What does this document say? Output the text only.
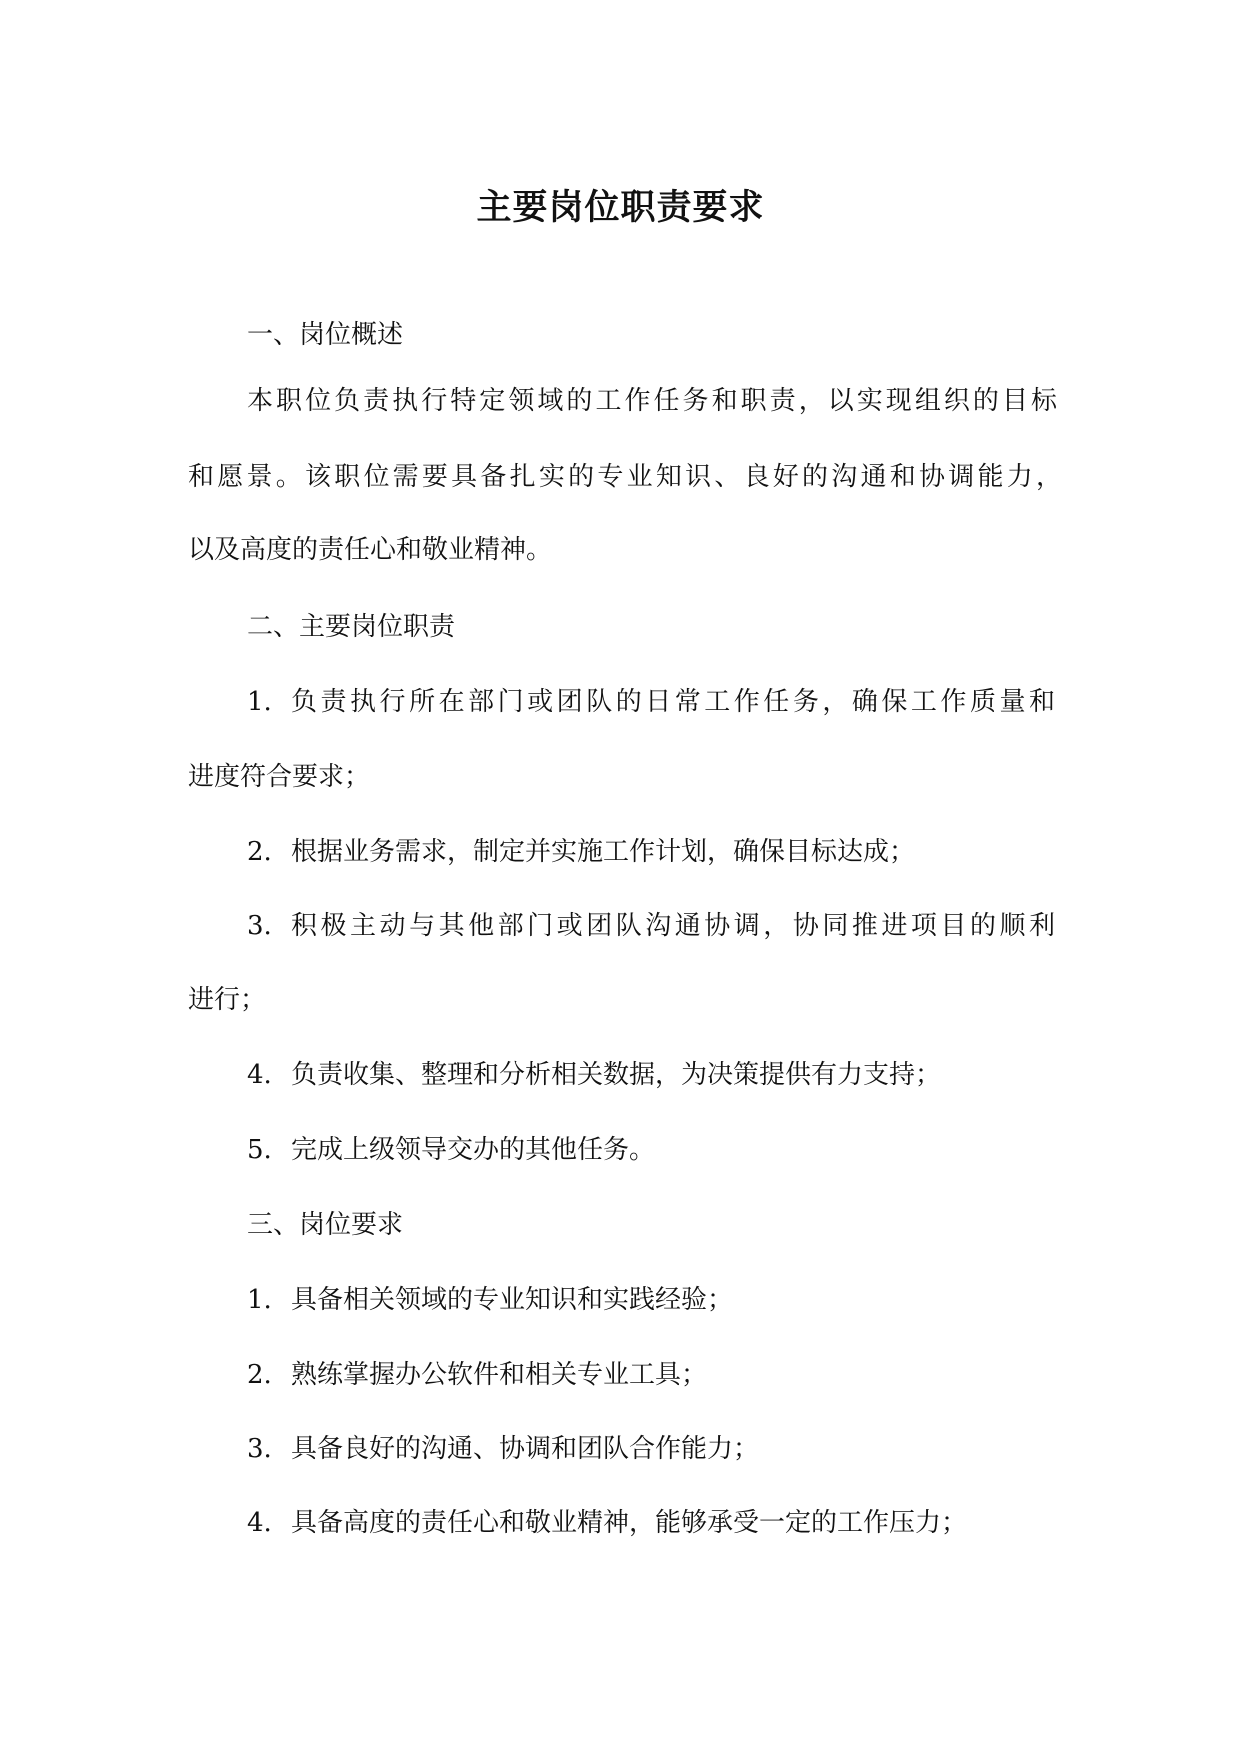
主要岗位职责要求
一、岗位概述
本职位负责执行特定领域的工作任务和职责，以实现组织的目标
和愿景。该职位需要具备扎实的专业知识、良好的沟通和协调能力，
以及高度的责任心和敬业精神。
二、主要岗位职责
1. 负责执行所在部门或团队的日常工作任务，确保工作质量和
进度符合要求；
2. 根据业务需求，制定并实施工作计划，确保目标达成；
3. 积极主动与其他部门或团队沟通协调，协同推进项目的顺利
进行；
4. 负责收集、整理和分析相关数据，为决策提供有力支持；
5. 完成上级领导交办的其他任务。
三、岗位要求
1. 具备相关领域的专业知识和实践经验；
2. 熟练掌握办公软件和相关专业工具；
3. 具备良好的沟通、协调和团队合作能力；
4. 具备高度的责任心和敬业精神，能够承受一定的工作压力；
